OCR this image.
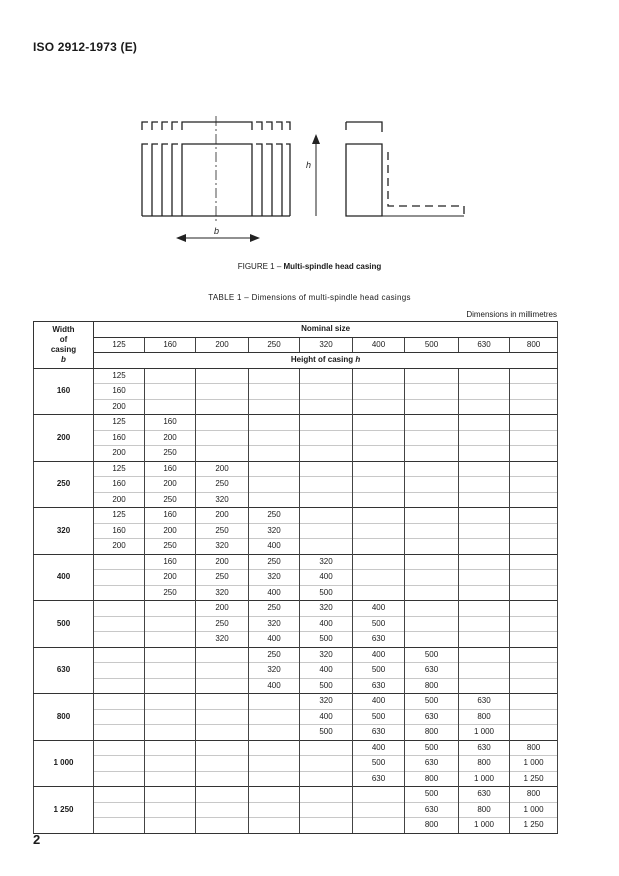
ISO 2912-1973 (E)
h
b
FIGURE 1 – Multi-spindle head casing
TABLE 1 – Dimensions of multi-spindle head casings
Dimensions in millimetres
Width
of
casing
b	Nominal size								
	125	160	200	250	320	400	500	630	800
	Height of casing h								
160	125								
	160								
	200								
200	125	160							
	160	200							
	200	250							
250	125	160	200						
	160	200	250						
	200	250	320						
320	125	160	200	250					
	160	200	250	320					
	200	250	320	400					
400		160	200	250	320				
		200	250	320	400				
		250	320	400	500				
500			200	250	320	400			
			250	320	400	500			
			320	400	500	630			
630				250	320	400	500		
				320	400	500	630		
				400	500	630	800		
800					320	400	500	630	
					400	500	630	800	
					500	630	800	1 000	
1 000						400	500	630	800
						500	630	800	1 000
						630	800	1 000	1 250
1 250							500	630	800
							630	800	1 000
							800	1 000	1 250
2
